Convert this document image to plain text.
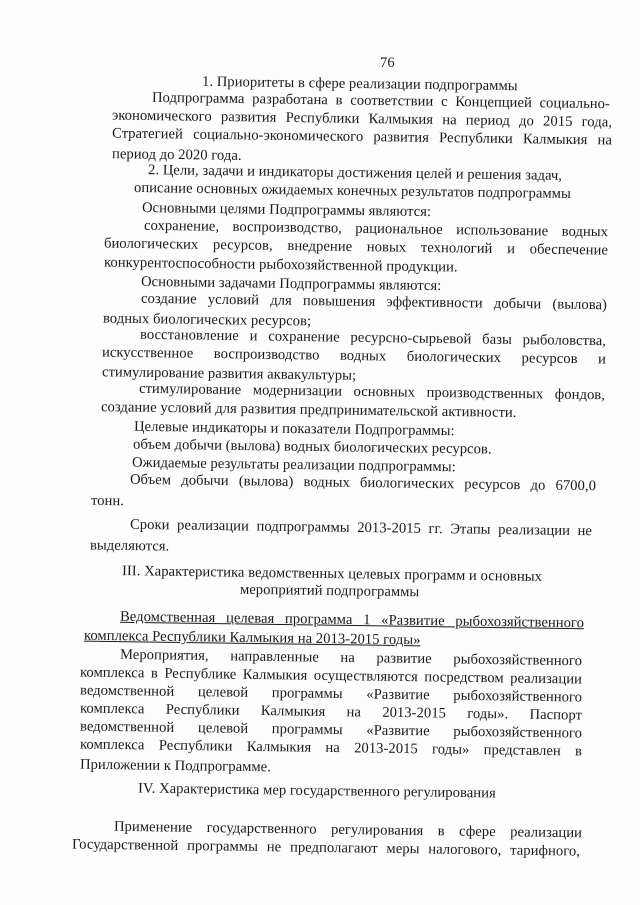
76
1. Приоритеты в сфере реализации подпрограммы
Подпрограмма разработана в соответствии с Концепцией социально-
экономического развития Республики Калмыкия на период до 2015 года,
Стратегией социально-экономического развития Республики Калмыкия на
период до 2020 года.
2. Цели, задачи и индикаторы достижения целей и решения задач,
описание основных ожидаемых конечных результатов подпрограммы
Основными целями Подпрограммы являются:
сохранение, воспроизводство, рациональное использование водных
биологических ресурсов, внедрение новых технологий и обеспечение
конкурентоспособности рыбохозяйственной продукции.
Основными задачами Подпрограммы являются:
создание условий для повышения эффективности добычи (вылова)
водных биологических ресурсов;
восстановление и сохранение ресурсно-сырьевой базы рыболовства,
искусственное воспроизводство водных биологических ресурсов и
стимулирование развития аквакультуры;
стимулирование модернизации основных производственных фондов,
создание условий для развития предпринимательской активности.
Целевые индикаторы и показатели Подпрограммы:
объем добычи (вылова) водных биологических ресурсов.
Ожидаемые результаты реализации подпрограммы:
Объем добычи (вылова) водных биологических ресурсов до 6700,0
тонн.
Сроки реализации подпрограммы 2013-2015 гг. Этапы реализации не
выделяются.
III. Характеристика ведомственных целевых программ и основных
мероприятий подпрограммы
Ведомственная целевая программа 1 «Развитие рыбохозяйственного
комплекса Республики Калмыкия на 2013-2015 годы»
Мероприятия, направленные на развитие рыбохозяйственного
комплекса в Республике Калмыкия осуществляются посредством реализации
ведомственной целевой программы «Развитие рыбохозяйственного
комплекса Республики Калмыкия на 2013-2015 годы». Паспорт
ведомственной целевой программы «Развитие рыбохозяйственного
комплекса Республики Калмыкия на 2013-2015 годы» представлен в
Приложении к Подпрограмме.
IV. Характеристика мер государственного регулирования
Применение государственного регулирования в сфере реализации
Государственной программы не предполагают меры налогового, тарифного,
